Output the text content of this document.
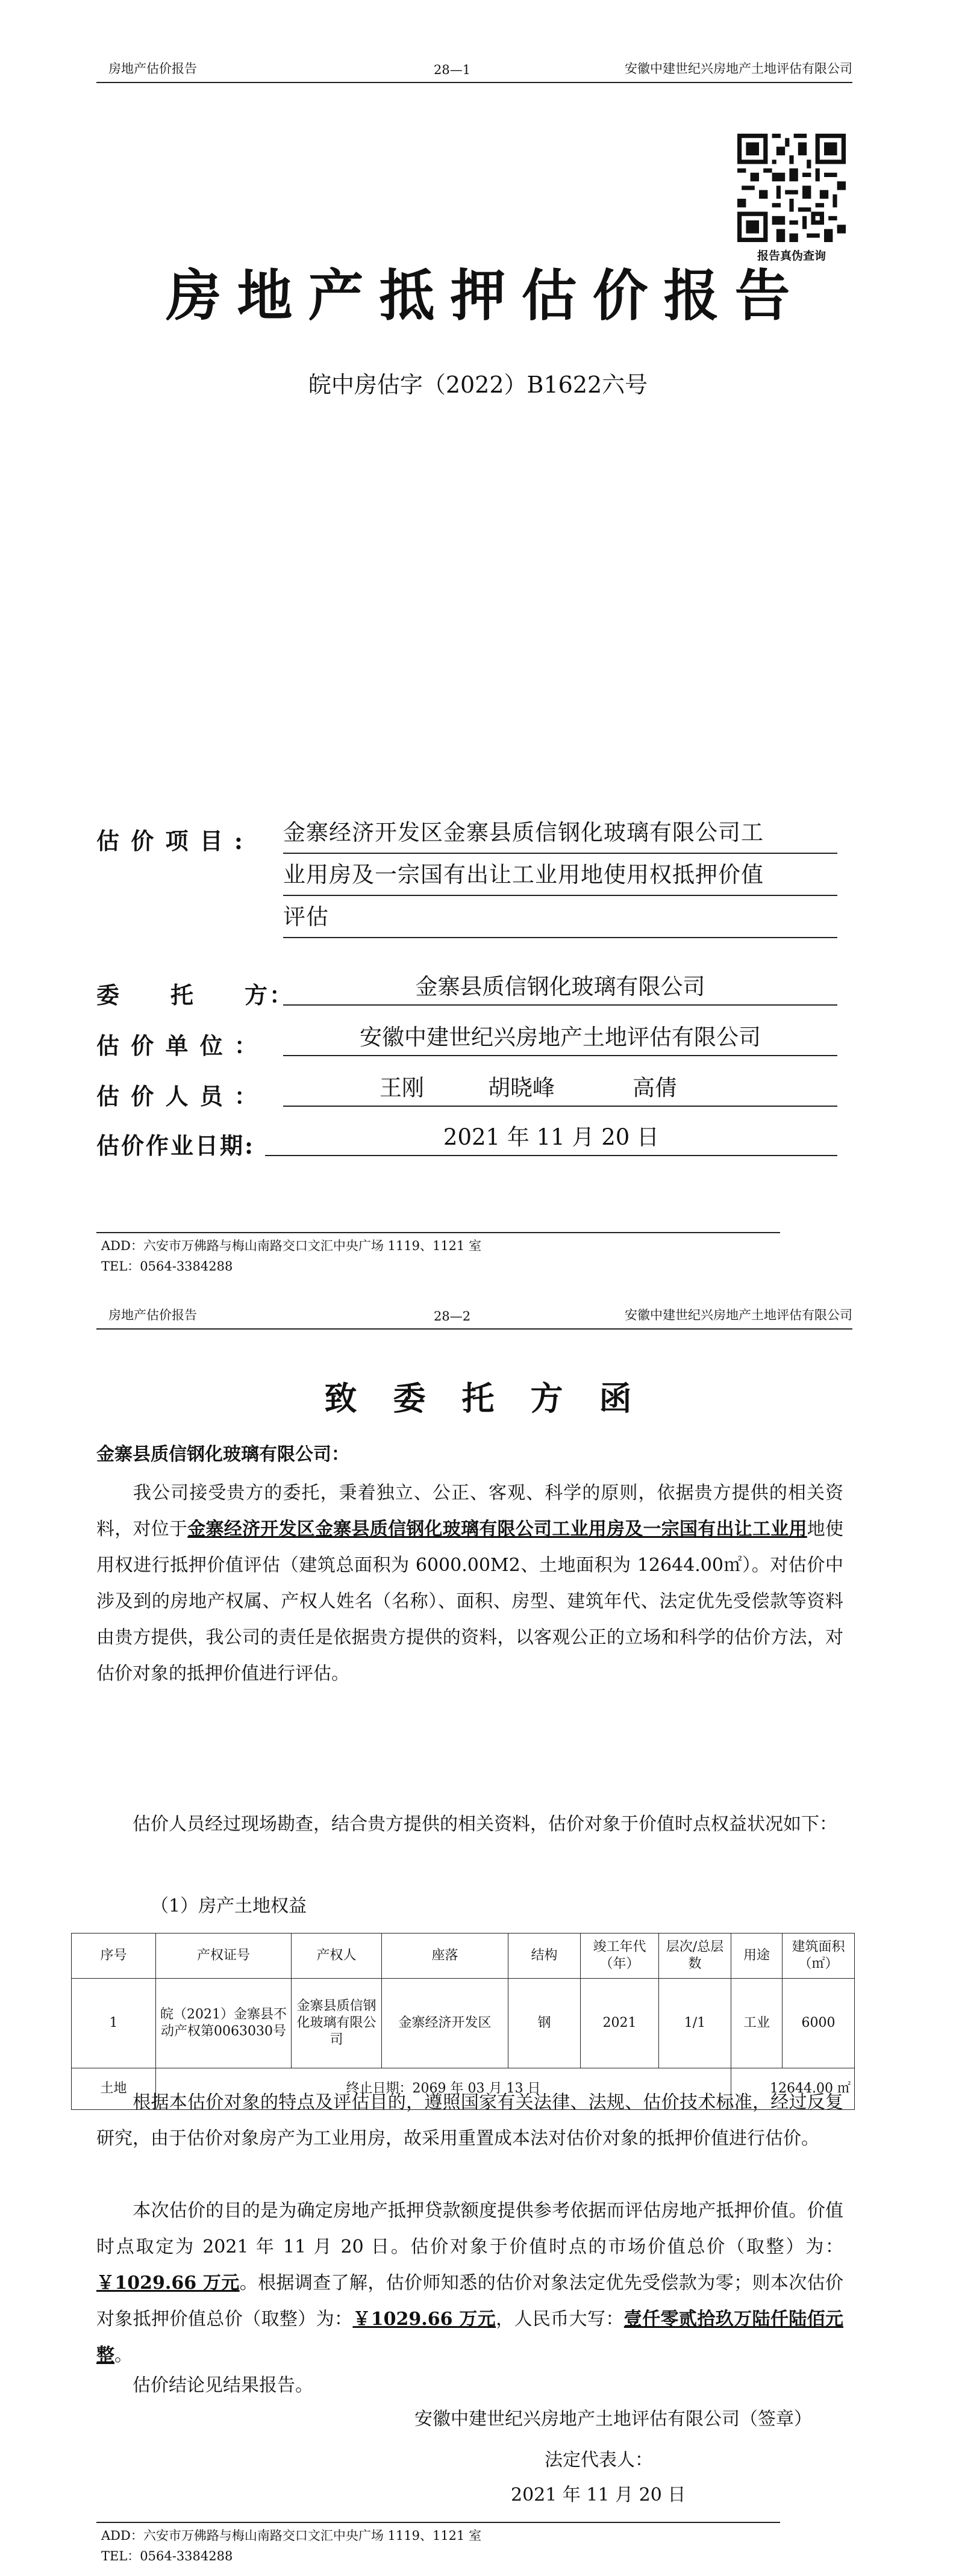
房地产估价报告	28—1	安徽中建世纪兴房地产土地评估有限公司
报告真伪查询
房地产抵押估价报告
皖中房估字（2022）B1622六号
估 价 项 目 : 金寨经济开发区金寨县质信钢化玻璃有限公司工
业用房及一宗国有出让工业用地使用权抵押价值
评估
委　　托　　方：	金寨县质信钢化玻璃有限公司
估 价 单 位 ：	安徽中建世纪兴房地产土地评估有限公司
估 价 人 员 ：	王刚	胡晓峰	高倩
估价作业日期:	2021 年 11 月 20 日
ADD：六安市万佛路与梅山南路交口文汇中央广场 1119、1121 室
TEL：0564-3384288
房地产估价报告	28—2	安徽中建世纪兴房地产土地评估有限公司
致委托方函
金寨县质信钢化玻璃有限公司：
我公司接受贵方的委托，秉着独立、公正、客观、科学的原则，依据贵方提供的相关资料，对位于金寨经济开发区金寨县质信钢化玻璃有限公司工业用房及一宗国有出让工业用地使用权进行抵押价值评估（建筑总面积为 6000.00M2、土地面积为 12644.00㎡）。对估价中涉及到的房地产权属、产权人姓名（名称）、面积、房型、建筑年代、法定优先受偿款等资料由贵方提供，我公司的责任是依据贵方提供的资料，以客观公正的立场和科学的估价方法，对估价对象的抵押价值进行评估。
估价人员经过现场勘查，结合贵方提供的相关资料，估价对象于价值时点权益状况如下：
（1）房产土地权益
序号	产权证号	产权人	座落	结构	竣工年代（年）	层次/总层数	用途	建筑面积（㎡）
1	皖（2021）金寨县不动产权第0063030号	金寨县质信钢化玻璃有限公司	金寨经济开发区	钢	2021	1/1	工业	6000
土地	终止日期：2069 年 03 月 13 日						12644.00 ㎡	
根据本估价对象的特点及评估目的，遵照国家有关法律、法规、估价技术标准，经过反复研究，由于估价对象房产为工业用房，故采用重置成本法对估价对象的抵押价值进行估价。
本次估价的目的是为确定房地产抵押贷款额度提供参考依据而评估房地产抵押价值。价值时点取定为 2021 年 11 月 20 日。估价对象于价值时点的市场价值总价（取整）为：￥1029.66 万元。根据调查了解，估价师知悉的估价对象法定优先受偿款为零；则本次估价对象抵押价值总价（取整）为：￥1029.66 万元，人民币大写：壹仟零贰拾玖万陆仟陆佰元整。
估价结论见结果报告。
安徽中建世纪兴房地产土地评估有限公司（签章）
法定代表人：
2021 年 11 月 20 日
ADD：六安市万佛路与梅山南路交口文汇中央广场 1119、1121 室
TEL：0564-3384288
